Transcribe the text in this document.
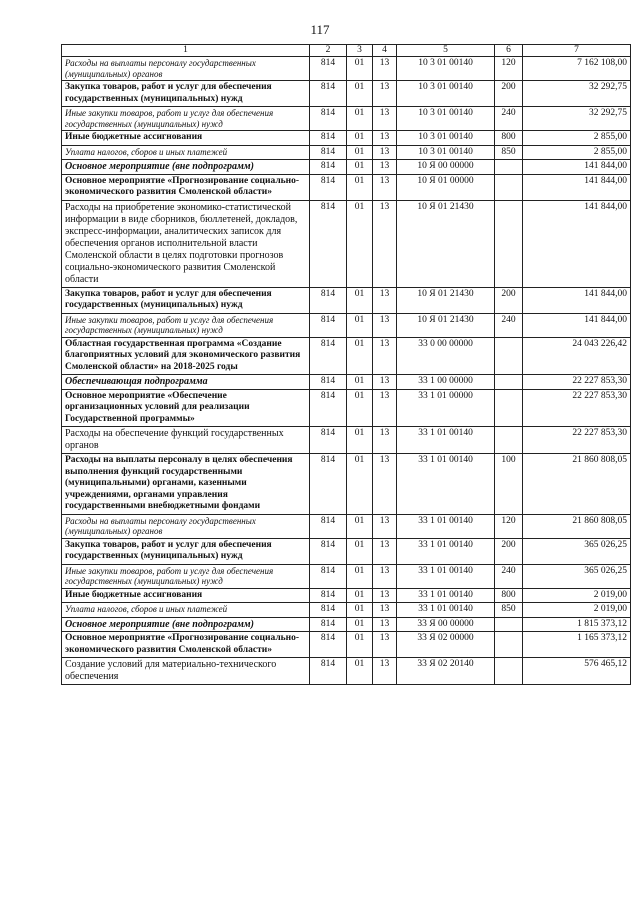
117
1	2	3	4	5	6	7
Расходы на выплаты персоналу государственных (муниципальных) органов	814	01	13	10 3 01 00140	120	7 162 108,00
Закупка товаров, работ и услуг для обеспечения государственных (муниципальных) нужд	814	01	13	10 3 01 00140	200	32 292,75
Иные закупки товаров, работ и услуг для обеспечения государственных (муниципальных) нужд	814	01	13	10 3 01 00140	240	32 292,75
Иные бюджетные ассигнования	814	01	13	10 3 01 00140	800	2 855,00
Уплата налогов, сборов и иных платежей	814	01	13	10 3 01 00140	850	2 855,00
Основное мероприятие (вне подпрограмм)	814	01	13	10 Я 00 00000		141 844,00
Основное мероприятие «Прогнозирование социально-экономического развития Смоленской области»	814	01	13	10 Я 01 00000		141 844,00
Расходы на приобретение экономико-статистической информации в виде сборников, бюллетеней, докладов, экспресс-информации, аналитических записок для обеспечения органов исполнительной власти Смоленской области в целях подготовки прогнозов социально-экономического развития Смоленской области	814	01	13	10 Я 01 21430		141 844,00
Закупка товаров, работ и услуг для обеспечения государственных (муниципальных) нужд	814	01	13	10 Я 01 21430	200	141 844,00
Иные закупки товаров, работ и услуг для обеспечения государственных (муниципальных) нужд	814	01	13	10 Я 01 21430	240	141 844,00
Областная государственная программа «Создание благоприятных условий для экономического развития Смоленской области» на 2018-2025 годы	814	01	13	33 0 00 00000		24 043 226,42
Обеспечивающая подпрограмма	814	01	13	33 1 00 00000		22 227 853,30
Основное мероприятие «Обеспечение организационных условий для реализации Государственной программы»	814	01	13	33 1 01 00000		22 227 853,30
Расходы на обеспечение функций государственных органов	814	01	13	33 1 01 00140		22 227 853,30
Расходы на выплаты персоналу в целях обеспечения выполнения функций государственными (муниципальными) органами, казенными учреждениями, органами управления государственными внебюджетными фондами	814	01	13	33 1 01 00140	100	21 860 808,05
Расходы на выплаты персоналу государственных (муниципальных) органов	814	01	13	33 1 01 00140	120	21 860 808,05
Закупка товаров, работ и услуг для обеспечения государственных (муниципальных) нужд	814	01	13	33 1 01 00140	200	365 026,25
Иные закупки товаров, работ и услуг для обеспечения государственных (муниципальных) нужд	814	01	13	33 1 01 00140	240	365 026,25
Иные бюджетные ассигнования	814	01	13	33 1 01 00140	800	2 019,00
Уплата налогов, сборов и иных платежей	814	01	13	33 1 01 00140	850	2 019,00
Основное мероприятие (вне подпрограмм)	814	01	13	33 Я 00 00000		1 815 373,12
Основное мероприятие «Прогнозирование социально-экономического развития Смоленской области»	814	01	13	33 Я 02 00000		1 165 373,12
Создание условий для материально-технического обеспечения	814	01	13	33 Я 02 20140		576 465,12
